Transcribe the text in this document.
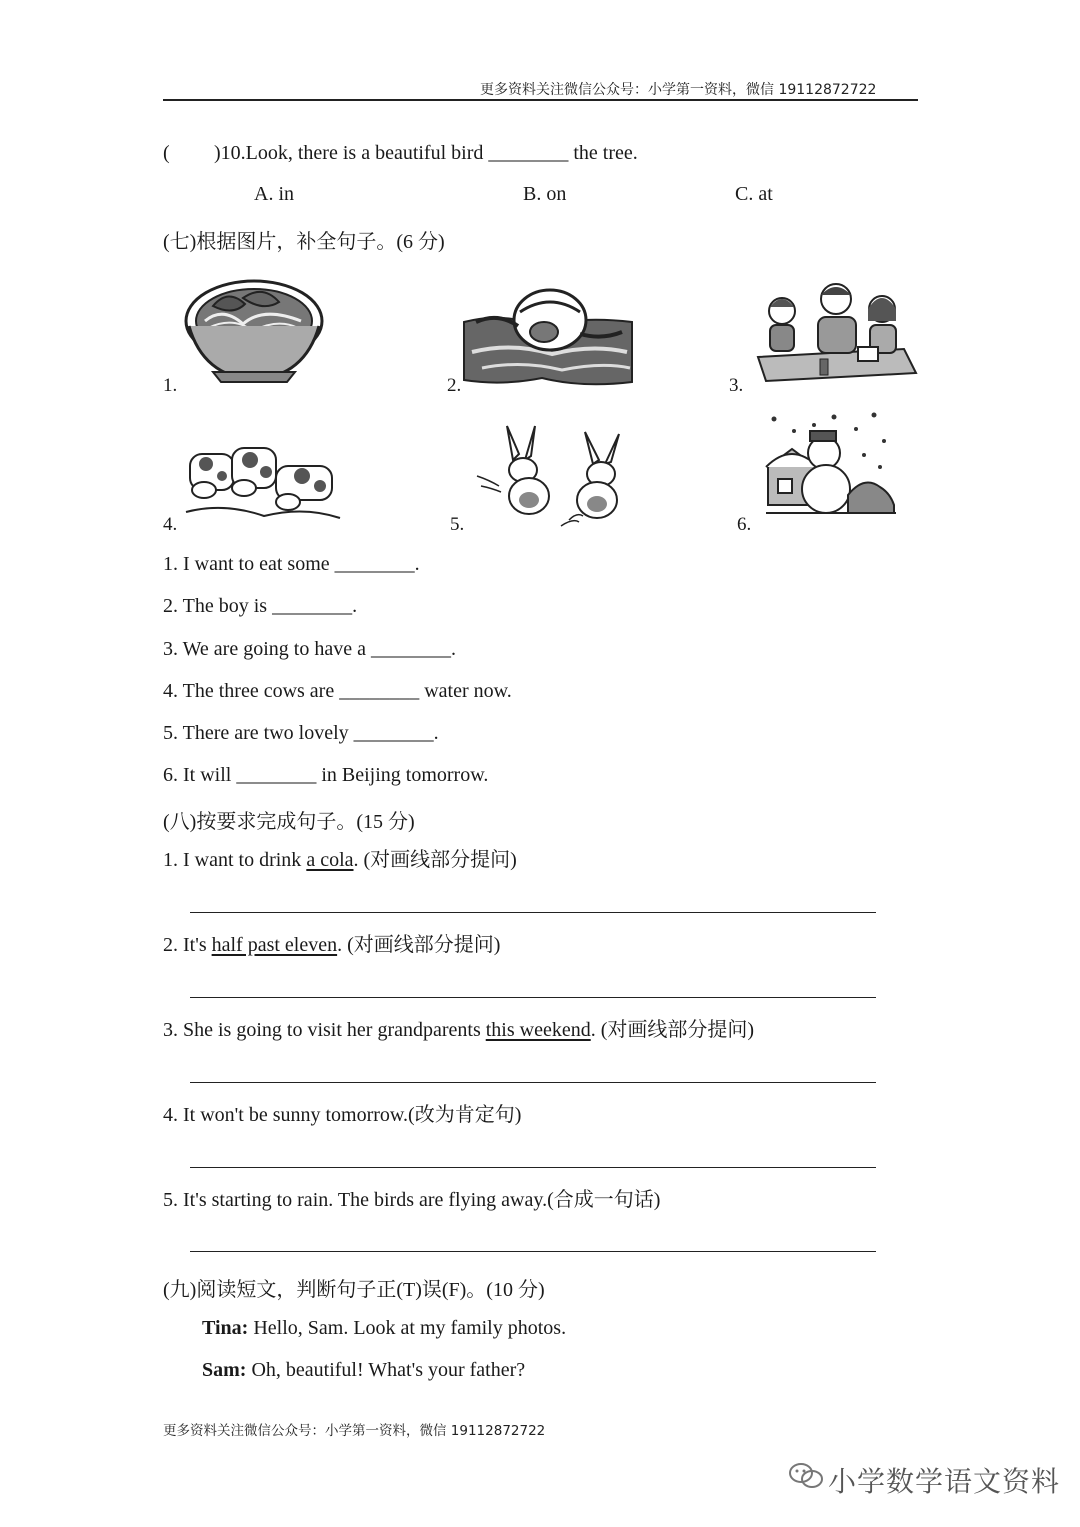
更多资料关注微信公众号：小学第一资料，微信 19112872722
( )10.Look, there is a beautiful bird ________ the tree.
A. in	B. on	C. at
(七)根据图片，补全句子。(6 分)
1.	2.	3.
4.	5.	6.
1. I want to eat some ________.
2. The boy is ________.
3. We are going to have a ________.
4. The three cows are ________ water now.
5. There are two lovely ________.
6. It will ________ in Beijing tomorrow.
(八)按要求完成句子。(15 分)
1. I want to drink a cola. (对画线部分提问)
2. It's half past eleven. (对画线部分提问)
3. She is going to visit her grandparents this weekend. (对画线部分提问)
4. It won't be sunny tomorrow.(改为肯定句)
5. It's starting to rain. The birds are flying away.(合成一句话)
(九)阅读短文，判断句子正(T)误(F)。(10 分)
Tina: Hello, Sam. Look at my family photos.
Sam: Oh, beautiful! What's your father?
更多资料关注微信公众号：小学第一资料，微信 19112872722
小学数学语文资料
